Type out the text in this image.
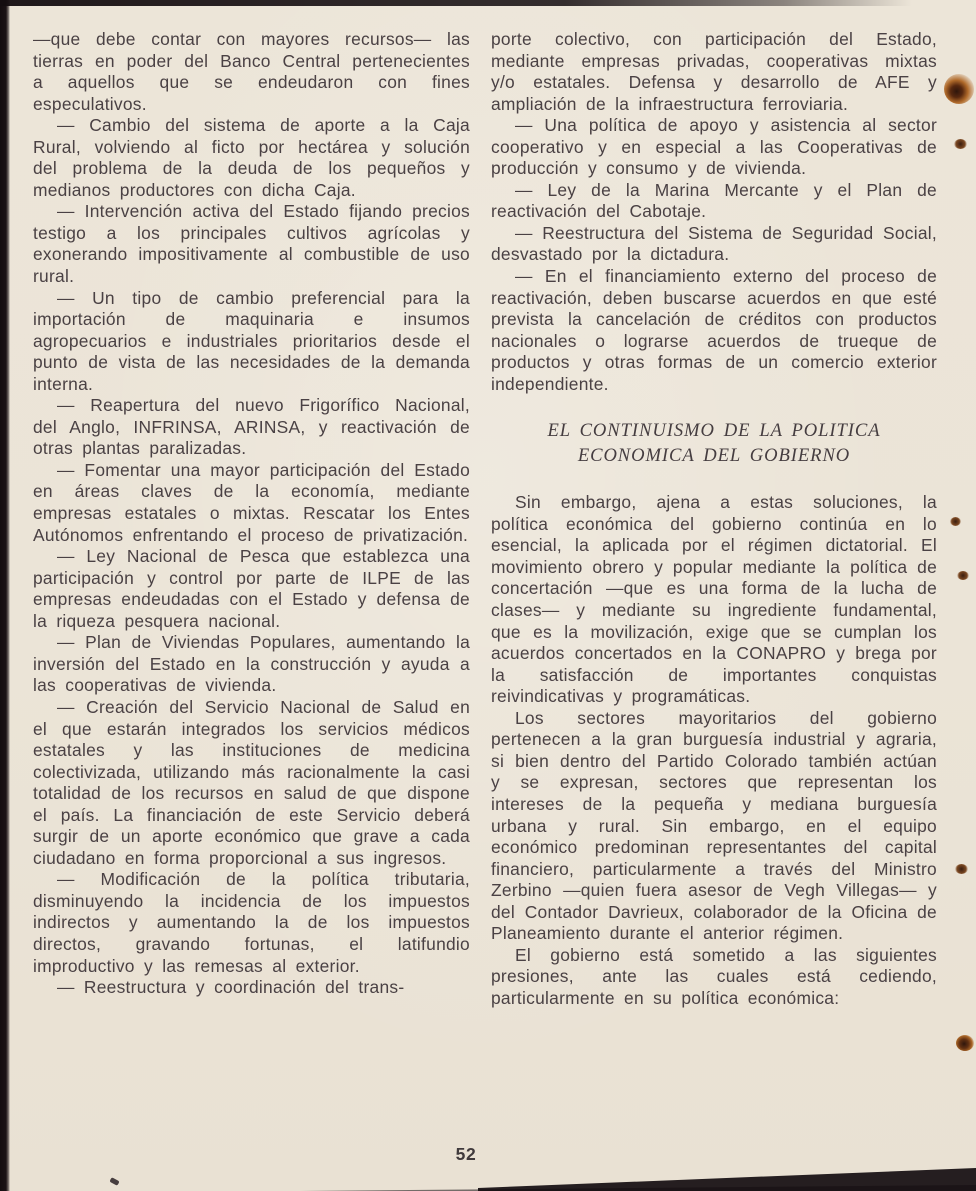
—que debe contar con mayores recursos— las tierras en poder del Banco Central pertenecientes a aquellos que se endeudaron con fines especulativos.

— Cambio del sistema de aporte a la Caja Rural, volviendo al ficto por hectárea y solución del problema de la deuda de los pequeños y medianos productores con dicha Caja.

— Intervención activa del Estado fijando precios testigo a los principales cultivos agrícolas y exonerando impositivamente al combustible de uso rural.

— Un tipo de cambio preferencial para la importación de maquinaria e insumos agropecuarios e industriales prioritarios desde el punto de vista de las necesidades de la demanda interna.

— Reapertura del nuevo Frigorífico Nacional, del Anglo, INFRINSA, ARINSA, y reactivación de otras plantas paralizadas.

— Fomentar una mayor participación del Estado en áreas claves de la economía, mediante empresas estatales o mixtas. Rescatar los Entes Autónomos enfrentando el proceso de privatización.

— Ley Nacional de Pesca que establezca una participación y control por parte de ILPE de las empresas endeudadas con el Estado y defensa de la riqueza pesquera nacional.

— Plan de Viviendas Populares, aumentando la inversión del Estado en la construcción y ayuda a las cooperativas de vivienda.

— Creación del Servicio Nacional de Salud en el que estarán integrados los servicios médicos estatales y las instituciones de medicina colectivizada, utilizando más racionalmente la casi totalidad de los recursos en salud de que dispone el país. La financiación de este Servicio deberá surgir de un aporte económico que grave a cada ciudadano en forma proporcional a sus ingresos.

— Modificación de la política tributaria, disminuyendo la incidencia de los impuestos indirectos y aumentando la de los impuestos directos, gravando fortunas, el latifundio improductivo y las remesas al exterior.

— Reestructura y coordinación del trans-

porte colectivo, con participación del Estado, mediante empresas privadas, cooperativas mixtas y/o estatales. Defensa y desarrollo de AFE y ampliación de la infraestructura ferroviaria.

— Una política de apoyo y asistencia al sector cooperativo y en especial a las Cooperativas de producción y consumo y de vivienda.

— Ley de la Marina Mercante y el Plan de reactivación del Cabotaje.

— Reestructura del Sistema de Seguridad Social, desvastado por la dictadura.

— En el financiamiento externo del proceso de reactivación, deben buscarse acuerdos en que esté prevista la cancelación de créditos con productos nacionales o lograrse acuerdos de trueque de productos y otras formas de un comercio exterior independiente.

EL CONTINUISMO DE LA POLITICA
ECONOMICA DEL GOBIERNO

Sin embargo, ajena a estas soluciones, la política económica del gobierno continúa en lo esencial, la aplicada por el régimen dictatorial. El movimiento obrero y popular mediante la política de concertación —que es una forma de la lucha de clases— y mediante su ingrediente fundamental, que es la movilización, exige que se cumplan los acuerdos concertados en la CONAPRO y brega por la satisfacción de importantes conquistas reivindicativas y programáticas.

Los sectores mayoritarios del gobierno pertenecen a la gran burguesía industrial y agraria, si bien dentro del Partido Colorado también actúan y se expresan, sectores que representan los intereses de la pequeña y mediana burguesía urbana y rural. Sin embargo, en el equipo económico predominan representantes del capital financiero, particularmente a través del Ministro Zerbino —quien fuera asesor de Vegh Villegas— y del Contador Davrieux, colaborador de la Oficina de Planeamiento durante el anterior régimen.

El gobierno está sometido a las siguientes presiones, ante las cuales está cediendo, particularmente en su política económica:

52
